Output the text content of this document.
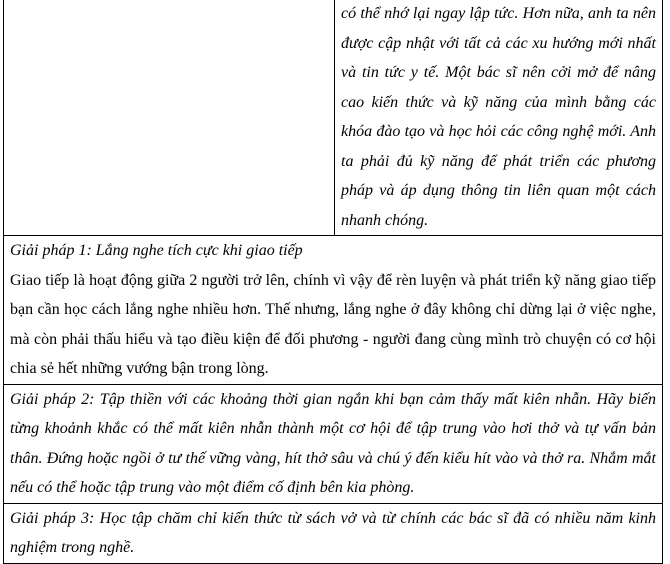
	có thể nhớ lại ngay lập tức. Hơn nữa, anh ta nên được cập nhật với tất cả các xu hướng mới nhất và tin tức y tế. Một bác sĩ nên cởi mở để nâng cao kiến thức và kỹ năng của mình bằng các khóa đào tạo và học hỏi các công nghệ mới. Anh ta phải đủ kỹ năng để phát triển các phương pháp và áp dụng thông tin liên quan một cách nhanh chóng.

Giải pháp 1: Lắng nghe tích cực khi giao tiếp
Giao tiếp là hoạt động giữa 2 người trở lên, chính vì vậy để rèn luyện và phát triển kỹ năng giao tiếp bạn cần học cách lắng nghe nhiều hơn. Thế nhưng, lắng nghe ở đây không chỉ dừng lại ở việc nghe, mà còn phải thấu hiểu và tạo điều kiện để đối phương - người đang cùng mình trò chuyện có cơ hội chia sẻ hết những vướng bận trong lòng.

Giải pháp 2: Tập thiền với các khoảng thời gian ngắn khi bạn cảm thấy mất kiên nhẫn. Hãy biến từng khoảnh khắc có thể mất kiên nhẫn thành một cơ hội để tập trung vào hơi thở và tự vấn bản thân. Đứng hoặc ngồi ở tư thế vững vàng, hít thở sâu và chú ý đến kiểu hít vào và thở ra. Nhắm mắt nếu có thể hoặc tập trung vào một điểm cố định bên kia phòng.
Giải pháp 3: Học tập chăm chỉ kiến thức từ sách vở và từ chính các bác sĩ đã có nhiều năm kinh nghiệm trong nghề.
